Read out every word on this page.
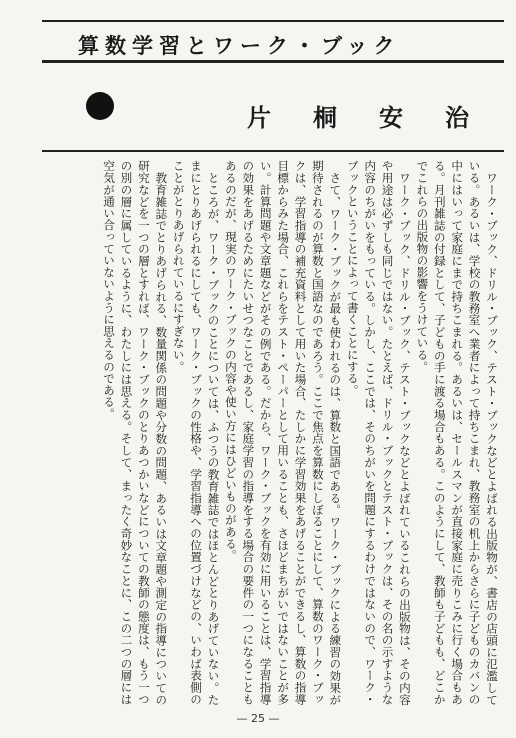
算数学習とワーク・ブック
片 桐 安 治

ワーク・ブック、ドリル・ブック、テスト・ブックなどとよばれる出版物が、書店の店頭に氾濫している。あるいは、学校の教務室へ業者によって持ちこまれ、教務室の机上からさらに子どものカバンの中にはいって家庭にまで持ちこまれる。あるいは、セールスマンが直接家庭に売りこみに行く場合もある。月刊雑誌の付録として、子どもの手に渡る場合もある。このようにして、教師も子どもも、どこかでこれらの出版物の影響をうけている。

ワーク・ブック、ドリル・ブック、テスト・ブックなどとよばれているこれらの出版物は、その内容や用途は必ずしも同じではない。たとえば、ドリル・ブックとテスト・ブックは、その名の示すような内容のちがいをもっている。しかし、ここでは、そのちがいを問題にするわけではないので、ワーク・ブックということによって書くことにする。

さて、ワーク・ブックが最も使われるのは、算数と国語である。ワーク・ブックによる練習の効果が期待されるのが算数と国語なのであろう。ここで焦点を算数にしぼることにして、算数のワーク・ブックは、学習指導の補充資料として用いた場合、たしかに学習効果をあげることができるし、算数の指導目標からみた場合、これらをテスト・ペーパーとして用いることも、さほどまちがいではないことが多い。計算問題や文章題などがその例である。だから、ワーク・ブックを有効に用いることは、学習指導の効果をあげるためにたいせつなことであるし、家庭学習の指導をする場合の要件の一つになることもあるのだが、現実のワーク・ブックの内容や使い方にはひどいものがある。

ところが、ワーク・ブックのことについては、ふつうの教育雑誌ではほとんどとりあげていない。たまにとりあげられるにしても、ワーク・ブックの性格や、学習指導への位置づけなどの、いわば表側のことがとりあげられているにすぎない。

教育雑誌でとりあげられる、数量関係の問題や分数の問題、あるいは文章題や測定の指導についての研究などを一つの層とすれば、ワーク・ブックのとりあつかいなどについての教師の態度は、もう一つの別の層に属しているように、わたしには思える。そして、まったく奇妙なことに、この二つの層には空気が通い合っていないように思えるのである。

— 25 —
